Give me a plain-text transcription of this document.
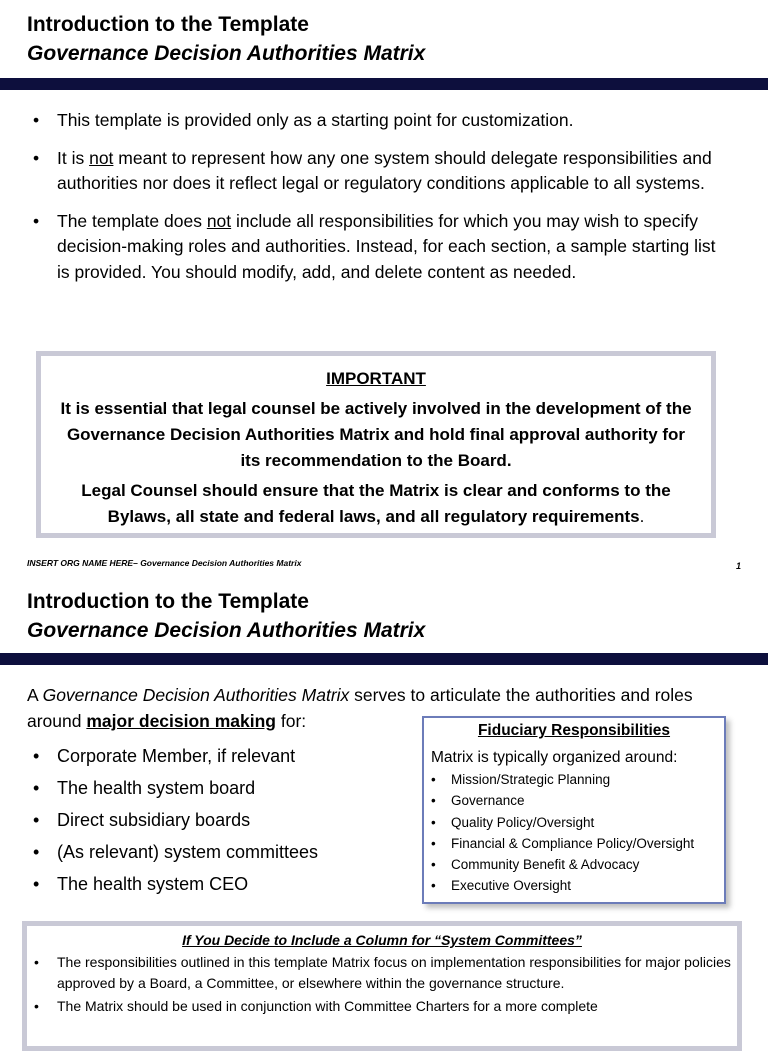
Introduction to the Template
Governance Decision Authorities Matrix
• This template is provided only as a starting point for customization.
• It is not meant to represent how any one system should delegate responsibilities and authorities nor does it reflect legal or regulatory conditions applicable to all systems.
• The template does not include all responsibilities for which you may wish to specify decision-making roles and authorities. Instead, for each section, a sample starting list is provided. You should modify, add, and delete content as needed.
IMPORTANT

It is essential that legal counsel be actively involved in the development of the Governance Decision Authorities Matrix and hold final approval authority for its recommendation to the Board.

Legal Counsel should ensure that the Matrix is clear and conforms to the Bylaws, all state and federal laws, and all regulatory requirements.

INSERT ORG NAME HERE– Governance Decision Authorities Matrix	1
Introduction to the Template
Governance Decision Authorities Matrix
A Governance Decision Authorities Matrix serves to articulate the authorities and roles around major decision making for:
• Corporate Member, if relevant
• The health system board
• Direct subsidiary boards
• (As relevant) system committees
• The health system CEO
Fiduciary Responsibilities
Matrix is typically organized around:
• Mission/Strategic Planning
• Governance
• Quality Policy/Oversight
• Financial & Compliance Policy/Oversight
• Community Benefit & Advocacy
• Executive Oversight
If You Decide to Include a Column for “System Committees”
• The responsibilities outlined in this template Matrix focus on implementation responsibilities for major policies approved by a Board, a Committee, or elsewhere within the governance structure.
• The Matrix should be used in conjunction with Committee Charters for a more complete
